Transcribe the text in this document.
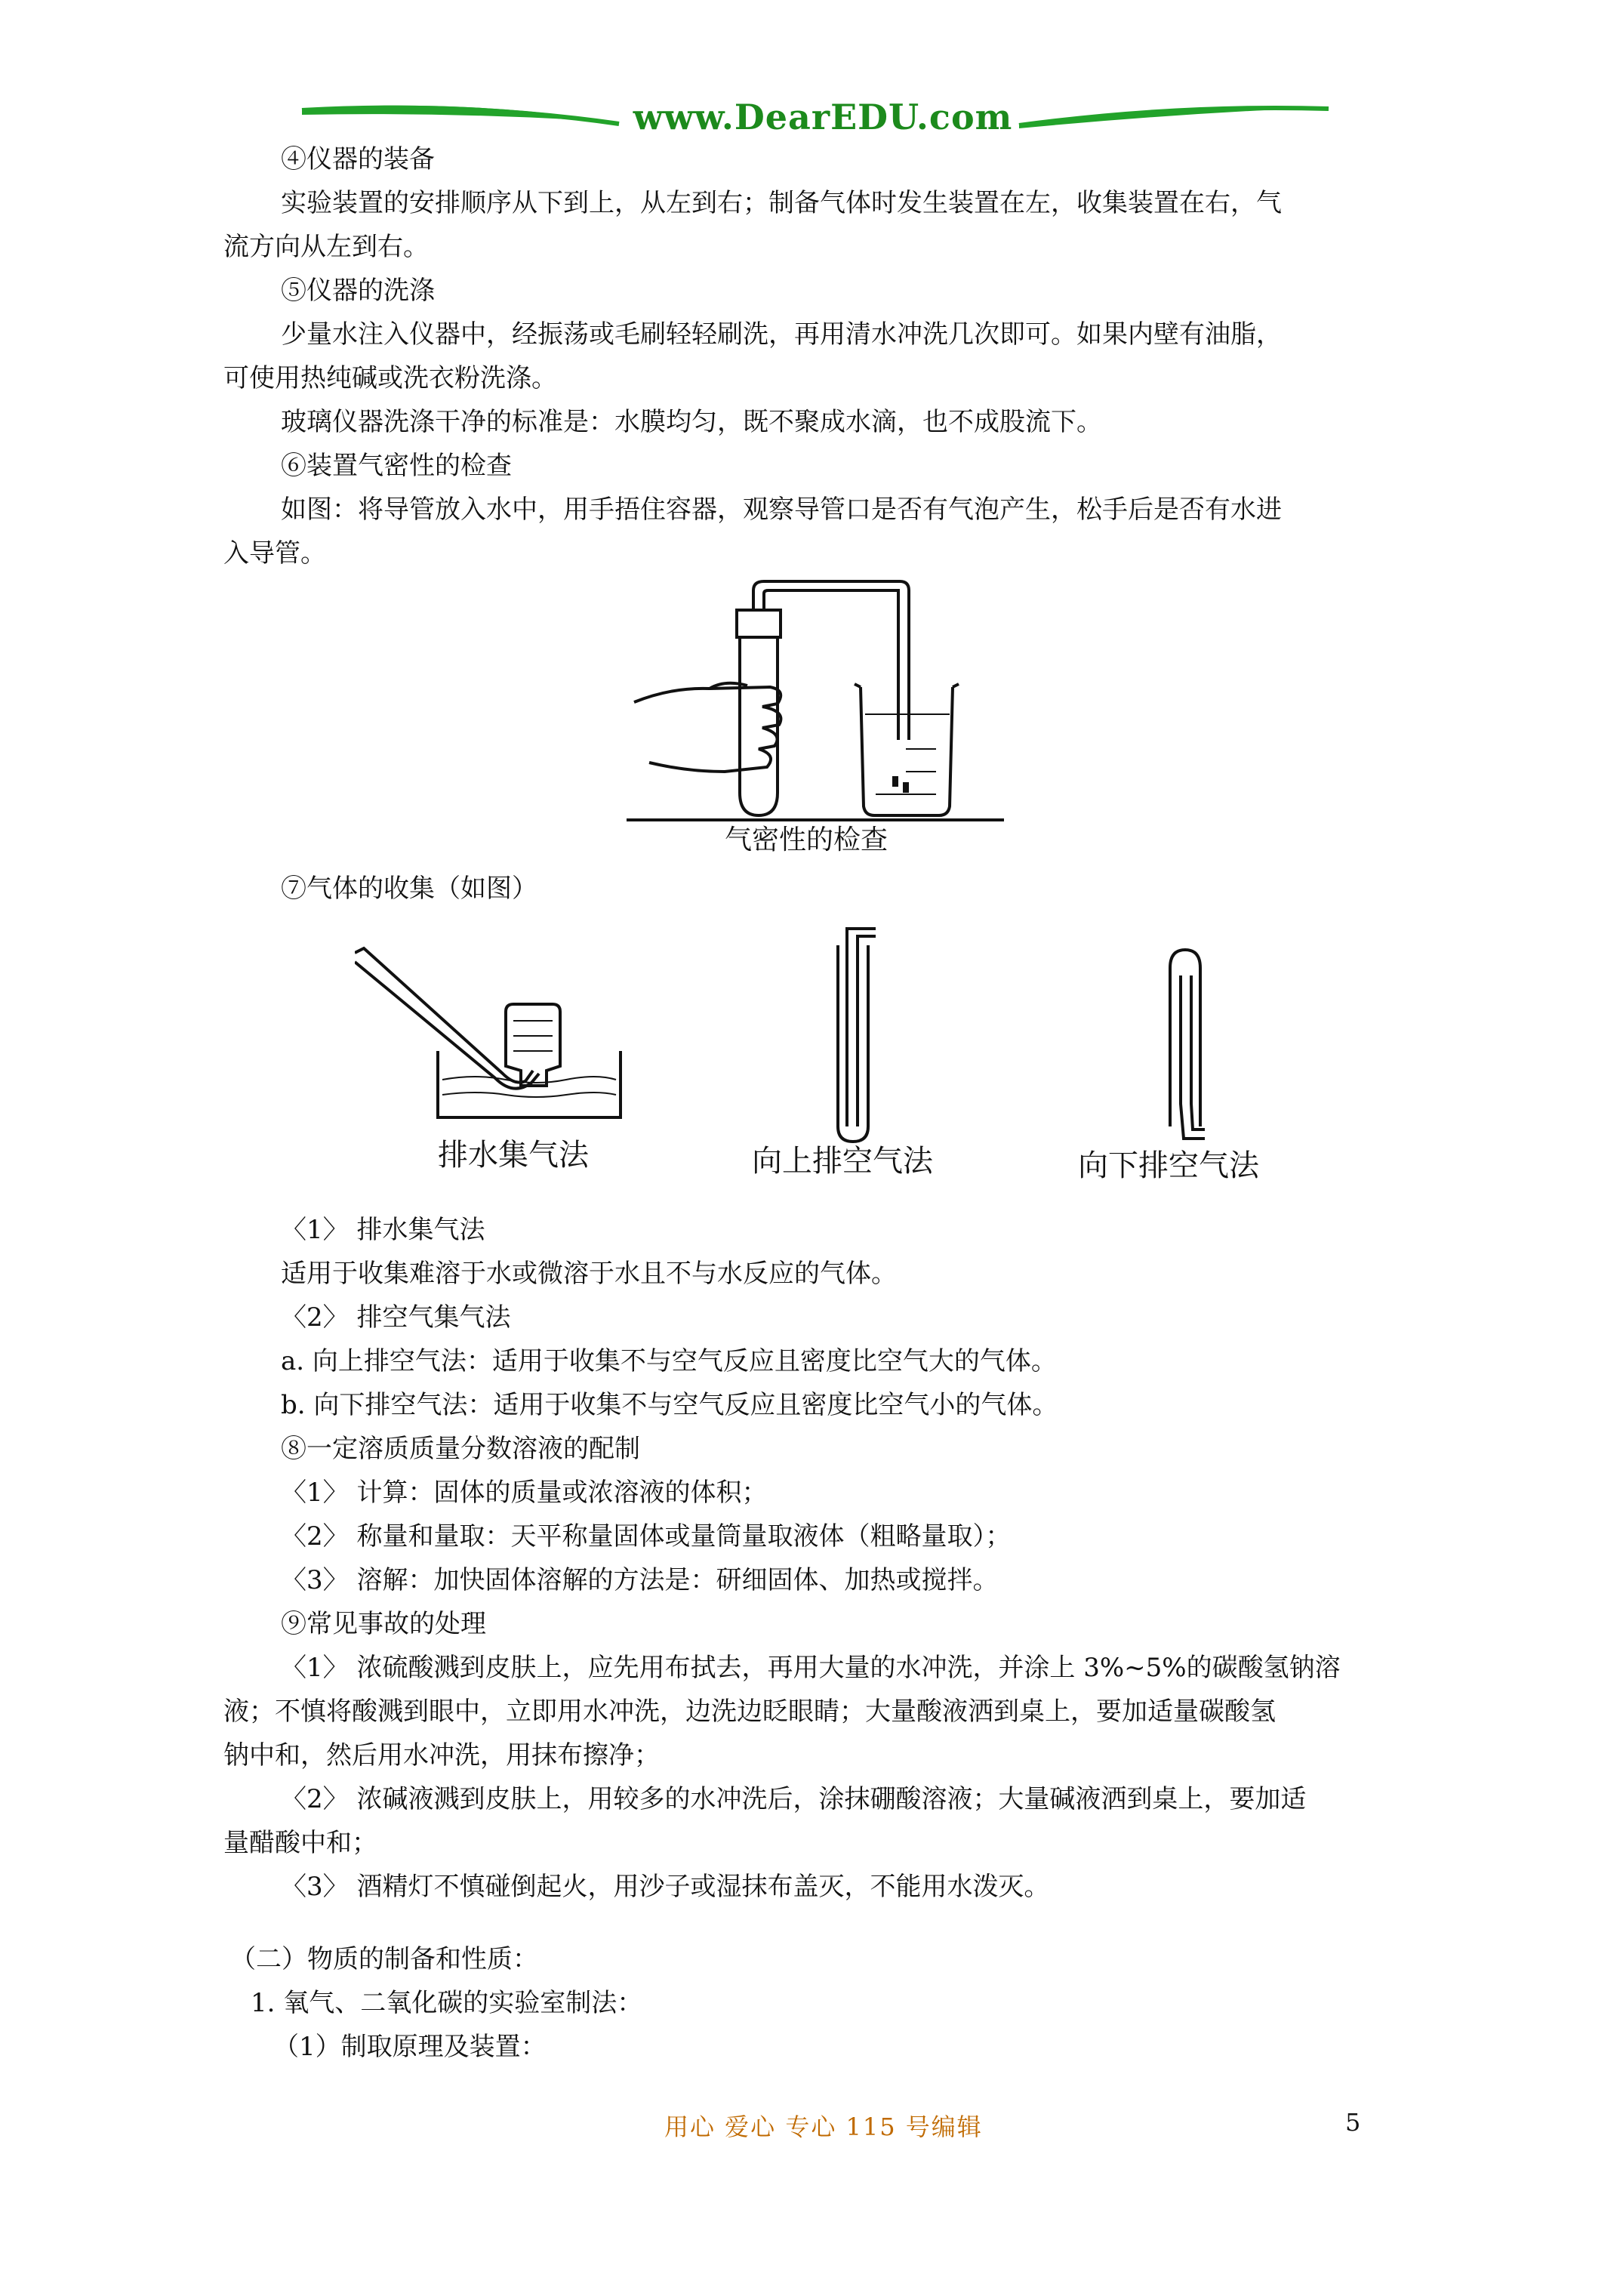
www.DearEDU.com
④仪器的装备
实验装置的安排顺序从下到上，从左到右；制备气体时发生装置在左，收集装置在右，气
流方向从左到右。
⑤仪器的洗涤
少量水注入仪器中，经振荡或毛刷轻轻刷洗，再用清水冲洗几次即可。如果内壁有油脂，
可使用热纯碱或洗衣粉洗涤。
玻璃仪器洗涤干净的标准是：水膜均匀，既不聚成水滴，也不成股流下。
⑥装置气密性的检查
如图：将导管放入水中，用手捂住容器，观察导管口是否有气泡产生，松手后是否有水进
入导管。
气密性的检查
⑦气体的收集（如图）
排水集气法	向上排空气法	向下排空气法
〈1〉 排水集气法
适用于收集难溶于水或微溶于水且不与水反应的气体。
〈2〉 排空气集气法
a. 向上排空气法：适用于收集不与空气反应且密度比空气大的气体。
b. 向下排空气法：适用于收集不与空气反应且密度比空气小的气体。
⑧一定溶质质量分数溶液的配制
〈1〉 计算：固体的质量或浓溶液的体积；
〈2〉 称量和量取：天平称量固体或量筒量取液体（粗略量取）；
〈3〉 溶解：加快固体溶解的方法是：研细固体、加热或搅拌。
⑨常见事故的处理
〈1〉 浓硫酸溅到皮肤上，应先用布拭去，再用大量的水冲洗，并涂上 3%~5%的碳酸氢钠溶
液；不慎将酸溅到眼中，立即用水冲洗，边洗边眨眼睛；大量酸液洒到桌上，要加适量碳酸氢
钠中和，然后用水冲洗，用抹布擦净；
〈2〉 浓碱液溅到皮肤上，用较多的水冲洗后，涂抹硼酸溶液；大量碱液洒到桌上，要加适
量醋酸中和；
〈3〉 酒精灯不慎碰倒起火，用沙子或湿抹布盖灭，不能用水泼灭。
（二）物质的制备和性质：
1. 氧气、二氧化碳的实验室制法：
（1）制取原理及装置：
用心 爱心 专心 115 号编辑	5
